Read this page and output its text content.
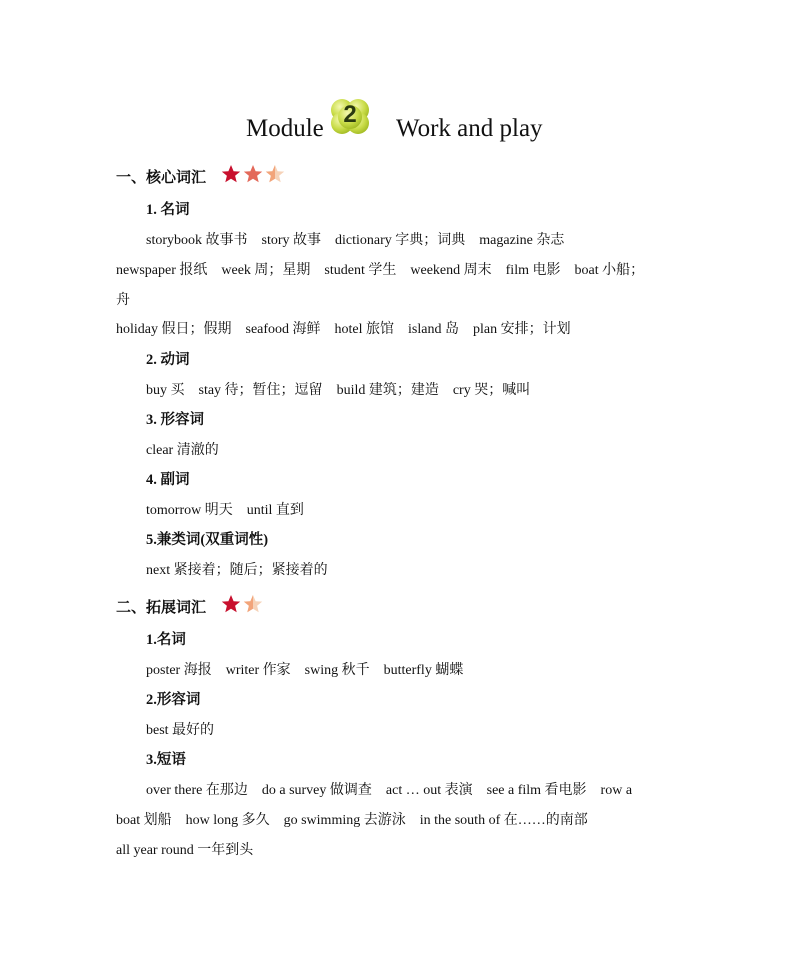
Module
2
Work and play
一、核心词汇
1. 名词
storybook 故事书 story 故事 dictionary 字典；词典 magazine 杂志
newspaper 报纸 week 周；星期 student 学生 weekend 周末 film 电影 boat 小船；
舟
holiday 假日；假期 seafood 海鲜 hotel 旅馆 island 岛 plan 安排；计划
2. 动词
buy 买 stay 待；暂住；逗留 build 建筑；建造 cry 哭；喊叫
3. 形容词
clear 清澈的
4. 副词
tomorrow 明天 until 直到
5.兼类词(双重词性)
next 紧接着；随后；紧接着的
二、拓展词汇
1.名词
poster 海报 writer 作家 swing 秋千 butterfly 蝴蝶
2.形容词
best 最好的
3.短语
over there 在那边 do a survey 做调查 act … out 表演 see a film 看电影 row a
boat 划船 how long 多久 go swimming 去游泳 in the south of 在……的南部
all year round 一年到头
